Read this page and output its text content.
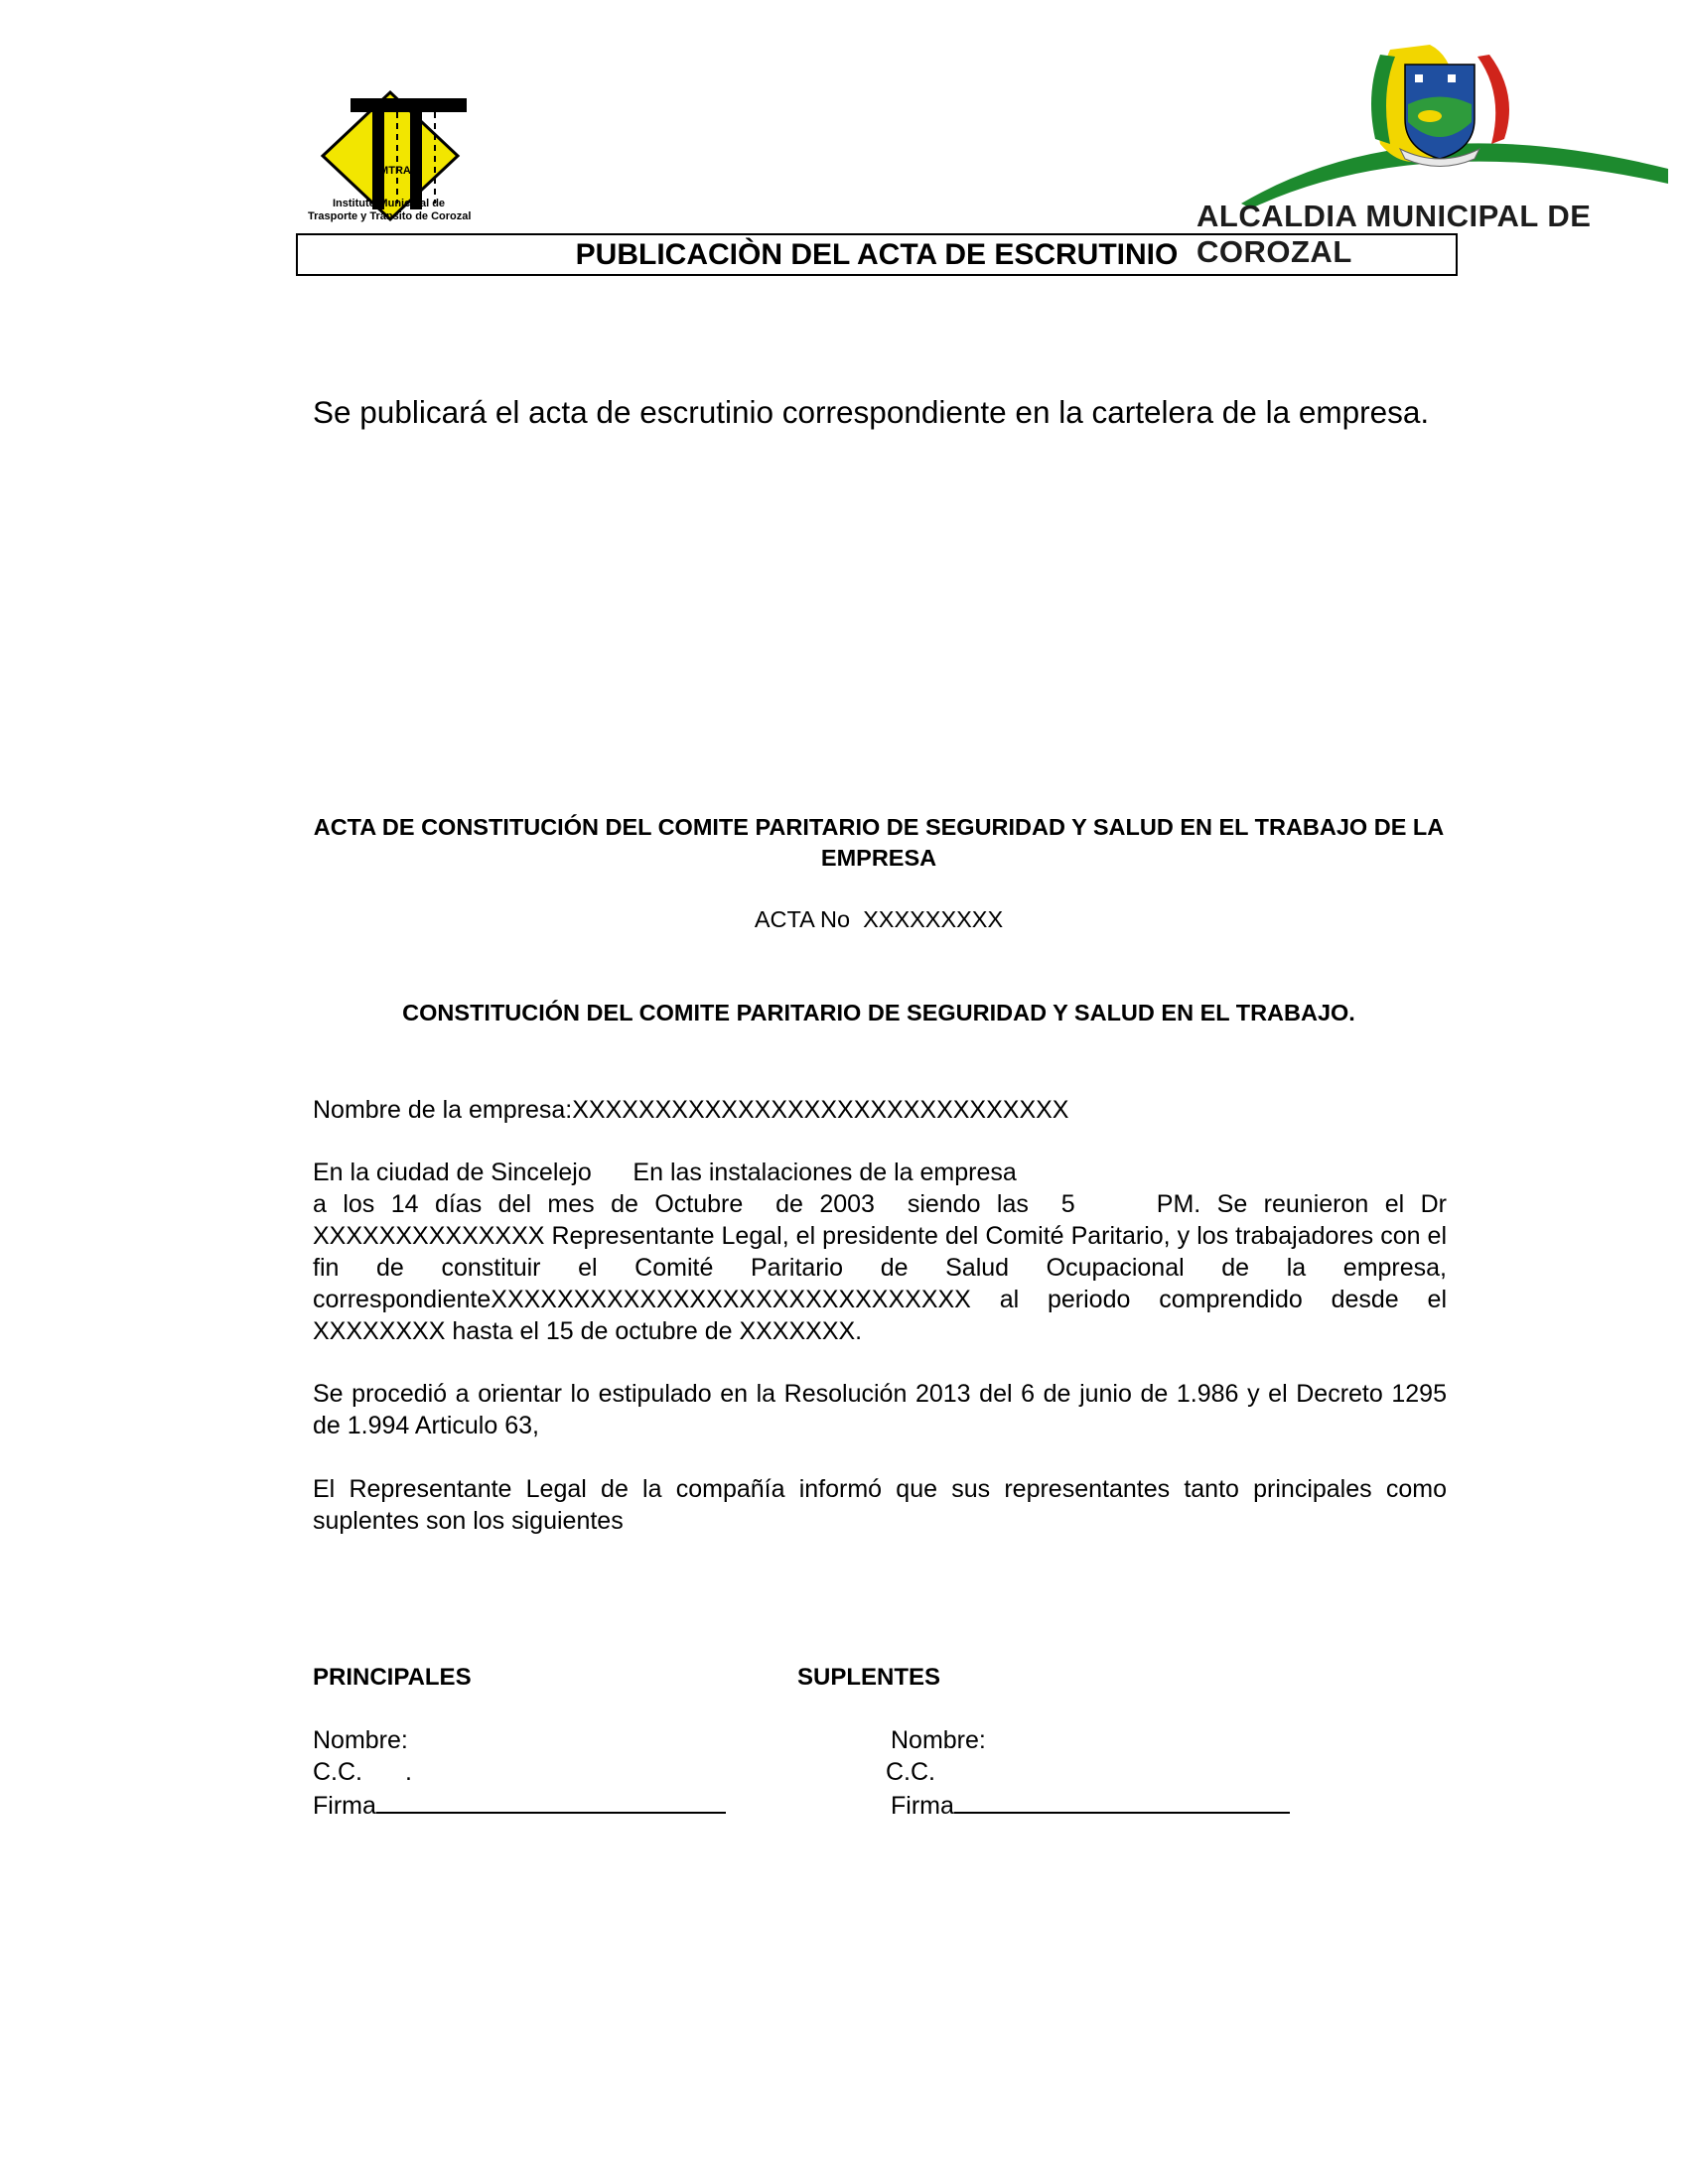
IMTRAC
Instituto Municipal de
Trasporte y Transito de Corozal	ALCALDIA MUNICIPAL DE COROZAL
PUBLICACIÒN DEL ACTA DE ESCRUTINIO
Se publicará el acta de escrutinio correspondiente en la cartelera de la empresa.
ACTA DE CONSTITUCIÓN DEL COMITE PARITARIO DE SEGURIDAD Y SALUD EN EL TRABAJO DE LA EMPRESA
ACTA No  XXXXXXXXX
CONSTITUCIÓN DEL COMITE PARITARIO DE SEGURIDAD Y SALUD EN EL TRABAJO.
Nombre de la empresa:XXXXXXXXXXXXXXXXXXXXXXXXXXXXXX
En la ciudad de Sincelejo      En las instalaciones de la empresa
a los 14 días del mes de Octubre  de 2003  siendo las  5     PM. Se reunieron el Dr XXXXXXXXXXXXXX Representante Legal, el presidente del Comité Paritario, y los trabajadores con el fin de constituir el Comité Paritario de Salud Ocupacional de la empresa, correspondienteXXXXXXXXXXXXXXXXXXXXXXXXXXXXX al periodo comprendido desde el XXXXXXXX hasta el 15 de octubre de XXXXXXX.
Se procedió a orientar lo estipulado en la Resolución 2013 del 6 de junio de 1.986 y el Decreto 1295 de 1.994 Articulo 63,
El Representante Legal de la compañía informó que sus representantes tanto principales como suplentes son los siguientes
PRINCIPALES	SUPLENTES
Nombre:
C.C. .
Firma
Nombre:
C.C.
Firma
